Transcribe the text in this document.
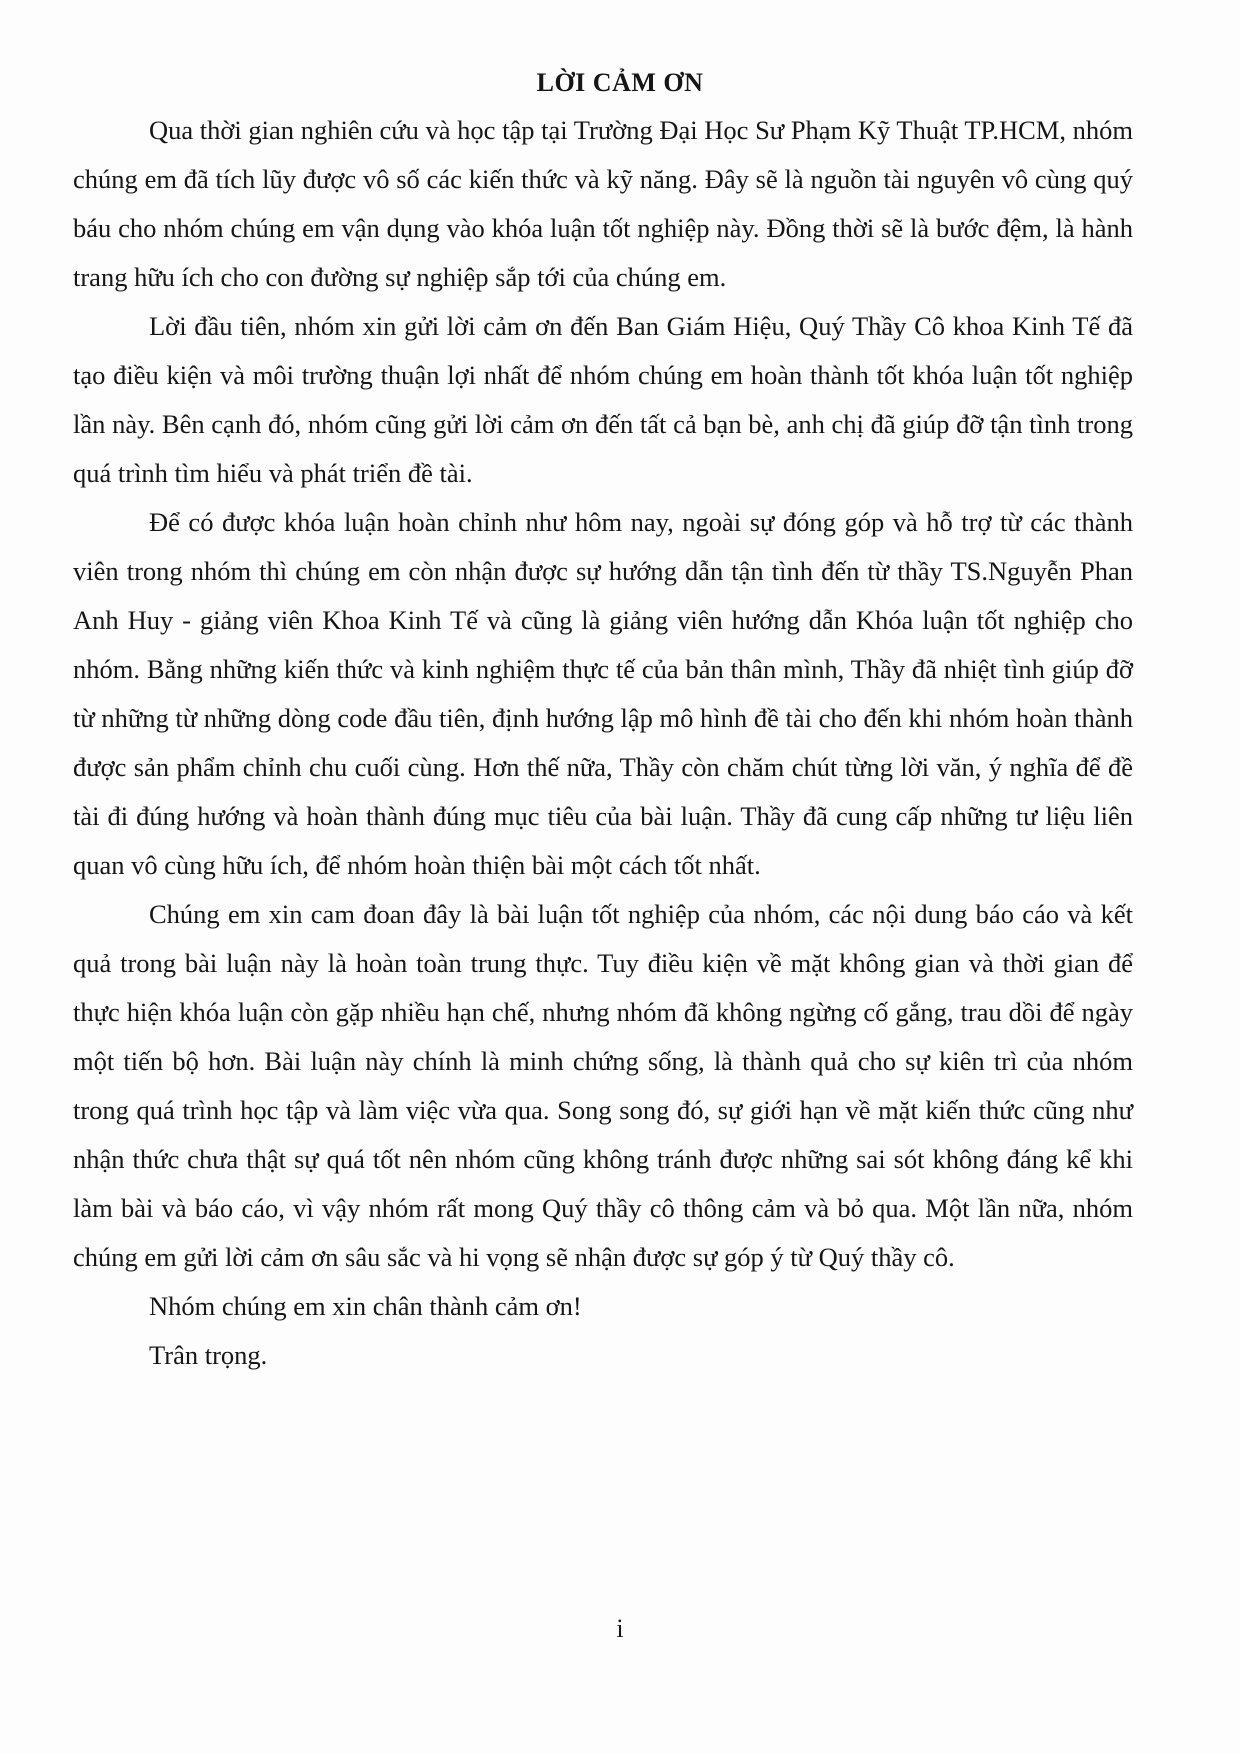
LỜI CẢM ƠN

Qua thời gian nghiên cứu và học tập tại Trường Đại Học Sư Phạm Kỹ Thuật TP.HCM, nhóm chúng em đã tích lũy được vô số các kiến thức và kỹ năng. Đây sẽ là nguồn tài nguyên vô cùng quý báu cho nhóm chúng em vận dụng vào khóa luận tốt nghiệp này. Đồng thời sẽ là bước đệm, là hành trang hữu ích cho con đường sự nghiệp sắp tới của chúng em.

Lời đầu tiên, nhóm xin gửi lời cảm ơn đến Ban Giám Hiệu, Quý Thầy Cô khoa Kinh Tế đã tạo điều kiện và môi trường thuận lợi nhất để nhóm chúng em hoàn thành tốt khóa luận tốt nghiệp lần này. Bên cạnh đó, nhóm cũng gửi lời cảm ơn đến tất cả bạn bè, anh chị đã giúp đỡ tận tình trong quá trình tìm hiểu và phát triển đề tài.

Để có được khóa luận hoàn chỉnh như hôm nay, ngoài sự đóng góp và hỗ trợ từ các thành viên trong nhóm thì chúng em còn nhận được sự hướng dẫn tận tình đến từ thầy TS.Nguyễn Phan Anh Huy - giảng viên Khoa Kinh Tế và cũng là giảng viên hướng dẫn Khóa luận tốt nghiệp cho nhóm. Bằng những kiến thức và kinh nghiệm thực tế của bản thân mình, Thầy đã nhiệt tình giúp đỡ từ những từ những dòng code đầu tiên, định hướng lập mô hình đề tài cho đến khi nhóm hoàn thành được sản phẩm chỉnh chu cuối cùng. Hơn thế nữa, Thầy còn chăm chút từng lời văn, ý nghĩa để đề tài đi đúng hướng và hoàn thành đúng mục tiêu của bài luận. Thầy đã cung cấp những tư liệu liên quan vô cùng hữu ích, để nhóm hoàn thiện bài một cách tốt nhất.

Chúng em xin cam đoan đây là bài luận tốt nghiệp của nhóm, các nội dung báo cáo và kết quả trong bài luận này là hoàn toàn trung thực. Tuy điều kiện về mặt không gian và thời gian để thực hiện khóa luận còn gặp nhiều hạn chế, nhưng nhóm đã không ngừng cố gắng, trau dồi để ngày một tiến bộ hơn. Bài luận này chính là minh chứng sống, là thành quả cho sự kiên trì của nhóm trong quá trình học tập và làm việc vừa qua. Song song đó, sự giới hạn về mặt kiến thức cũng như nhận thức chưa thật sự quá tốt nên nhóm cũng không tránh được những sai sót không đáng kể khi làm bài và báo cáo, vì vậy nhóm rất mong Quý thầy cô thông cảm và bỏ qua. Một lần nữa, nhóm chúng em gửi lời cảm ơn sâu sắc và hi vọng sẽ nhận được sự góp ý từ Quý thầy cô.

Nhóm chúng em xin chân thành cảm ơn!

Trân trọng.

i
